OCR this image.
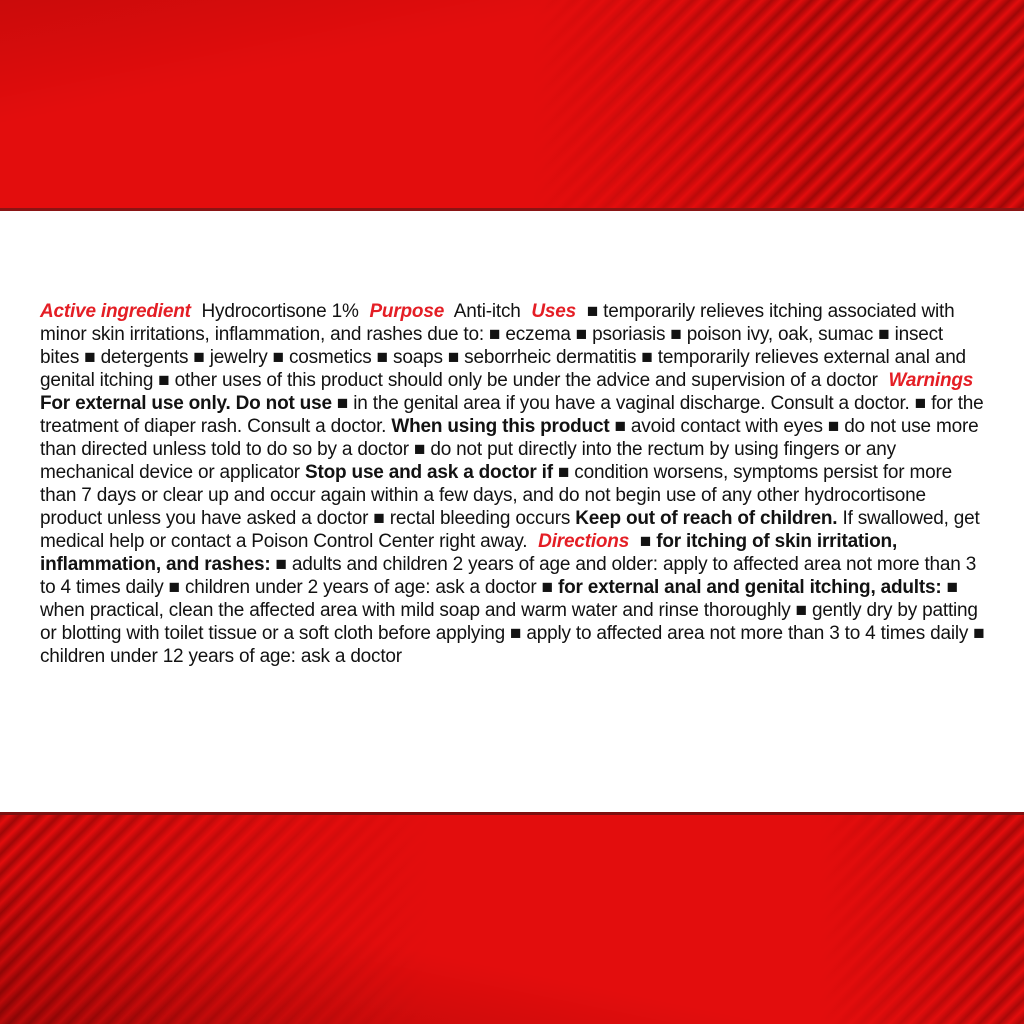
Active ingredient Hydrocortisone 1% Purpose Anti-itch Uses ■ temporarily relieves itching associated with minor skin irritations, inflammation, and rashes due to: ■ eczema ■ psoriasis ■ poison ivy, oak, sumac ■ insect bites ■ detergents ■ jewelry ■ cosmetics ■ soaps ■ seborrheic dermatitis ■ temporarily relieves external anal and genital itching ■ other uses of this product should only be under the advice and supervision of a doctor Warnings For external use only. Do not use ■ in the genital area if you have a vaginal discharge. Consult a doctor. ■ for the treatment of diaper rash. Consult a doctor. When using this product ■ avoid contact with eyes ■ do not use more than directed unless told to do so by a doctor ■ do not put directly into the rectum by using fingers or any mechanical device or applicator Stop use and ask a doctor if ■ condition worsens, symptoms persist for more than 7 days or clear up and occur again within a few days, and do not begin use of any other hydrocortisone product unless you have asked a doctor ■ rectal bleeding occurs Keep out of reach of children. If swallowed, get medical help or contact a Poison Control Center right away. Directions ■ for itching of skin irritation, inflammation, and rashes: ■ adults and children 2 years of age and older: apply to affected area not more than 3 to 4 times daily ■ children under 2 years of age: ask a doctor ■ for external anal and genital itching, adults: ■ when practical, clean the affected area with mild soap and warm water and rinse thoroughly ■ gently dry by patting or blotting with toilet tissue or a soft cloth before applying ■ apply to affected area not more than 3 to 4 times daily ■ children under 12 years of age: ask a doctor
